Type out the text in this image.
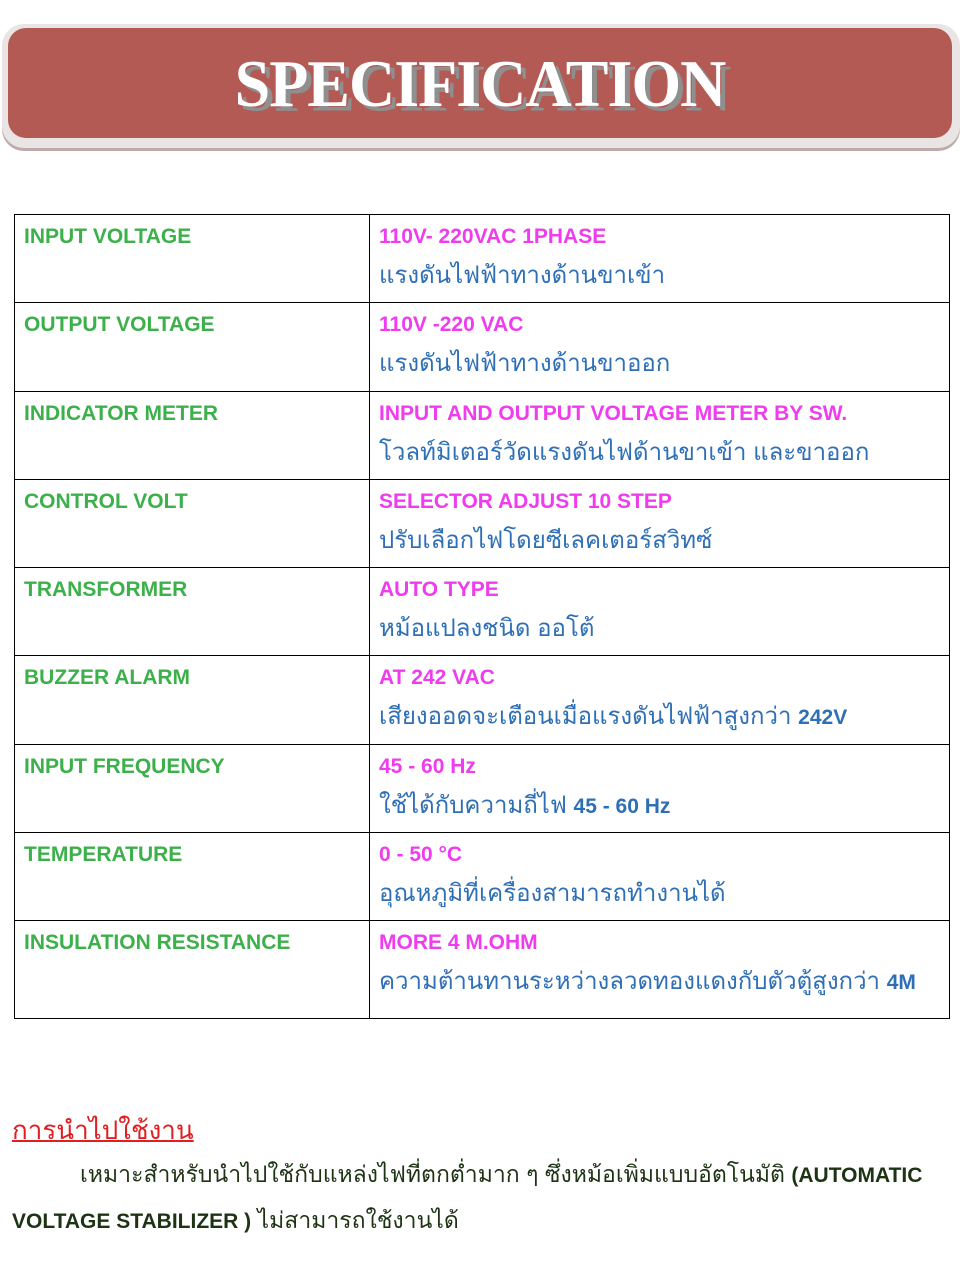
SPECIFICATION
INPUT VOLTAGE	110V- 220VAC 1PHASE
แรงดันไฟฟ้าทางด้านขาเข้า

OUTPUT VOLTAGE	110V -220 VAC
แรงดันไฟฟ้าทางด้านขาออก

INDICATOR METER	INPUT AND OUTPUT VOLTAGE METER BY SW.
โวลท์มิเตอร์วัดแรงดันไฟด้านขาเข้า และขาออก

CONTROL VOLT	SELECTOR ADJUST 10 STEP
ปรับเลือกไฟโดยซีเลคเตอร์สวิทซ์

TRANSFORMER	AUTO TYPE
หม้อแปลงชนิด ออโต้

BUZZER ALARM	AT 242 VAC
เสียงออดจะเตือนเมื่อแรงดันไฟฟ้าสูงกว่า 242V

INPUT FREQUENCY	45 - 60 Hz
ใช้ได้กับความถี่ไฟ 45 - 60 Hz

TEMPERATURE	0 - 50 °C
อุณหภูมิที่เครื่องสามารถทำงานได้

INSULATION RESISTANCE	MORE 4 M.OHM
ความต้านทานระหว่างลวดทองแดงกับตัวตู้สูงกว่า 4M
การนำไปใช้งาน
เหมาะสำหรับนำไปใช้กับแหล่งไฟที่ตกต่ำมาก ๆ ซึ่งหม้อเพิ่มแบบอัตโนมัติ (AUTOMATIC VOLTAGE STABILIZER ) ไม่สามารถใช้งานได้
